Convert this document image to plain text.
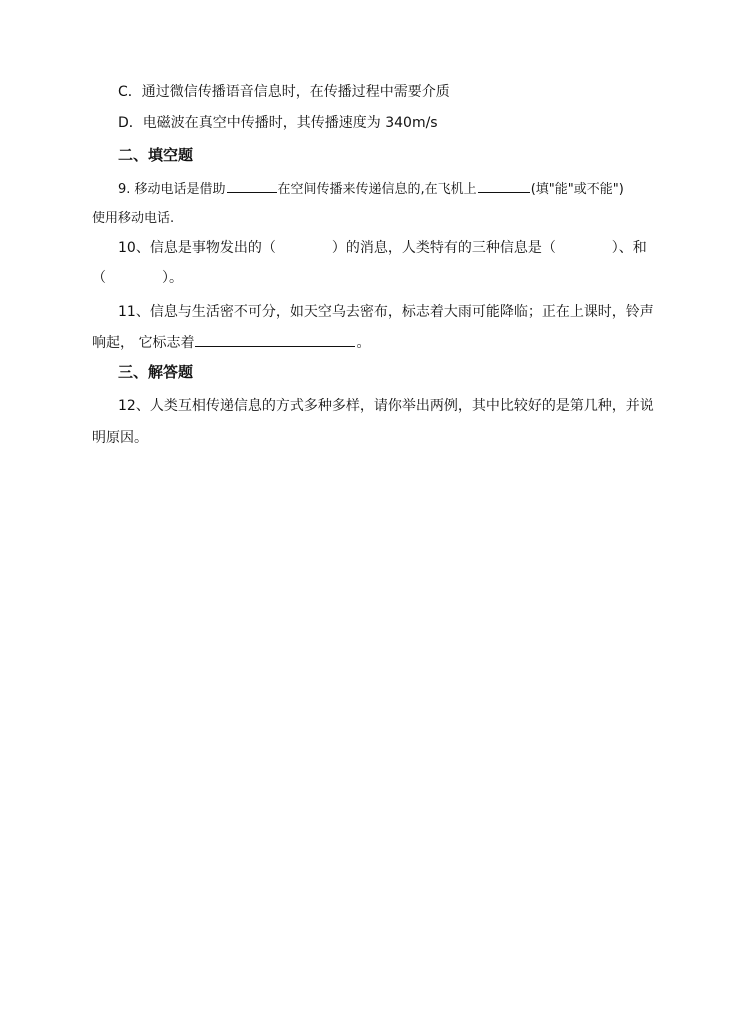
C．通过微信传播语音信息时，在传播过程中需要介质
D．电磁波在真空中传播时，其传播速度为 340m/s
二、填空题
9. 移动电话是借助	在空间传播来传递信息的,在飞机上	(填"能"或不能")
使用移动电话.
10、信息是事物发出的（　　　　）的消息，人类特有的三种信息是（　　　　）、和
（　　　　）。
11、信息与生活密不可分，如天空乌去密布，标志着大雨可能降临；正在上课时，铃声
响起， 它标志着	。
三、解答题
12、人类互相传递信息的方式多种多样，请你举出两例，其中比较好的是第几种，并说
明原因。
